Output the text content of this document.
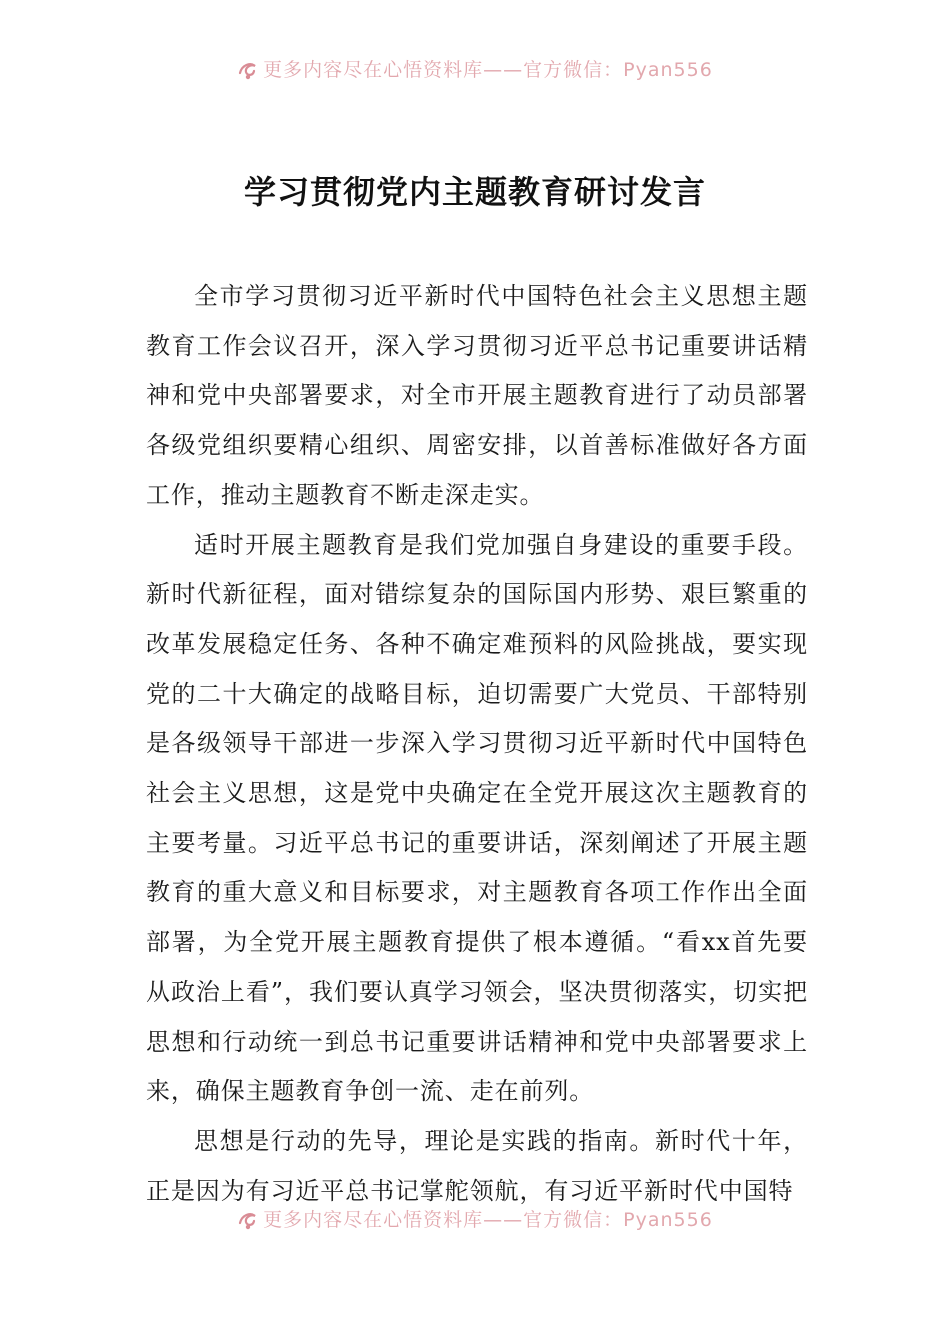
更多内容尽在心悟资料库——官方微信：Pyan556
学习贯彻党内主题教育研讨发言

全市学习贯彻习近平新时代中国特色社会主义思想主题教育工作会议召开，深入学习贯彻习近平总书记重要讲话精神和党中央部署要求，对全市开展主题教育进行了动员部署各级党组织要精心组织、周密安排，以首善标准做好各方面工作，推动主题教育不断走深走实。

适时开展主题教育是我们党加强自身建设的重要手段。新时代新征程，面对错综复杂的国际国内形势、艰巨繁重的改革发展稳定任务、各种不确定难预料的风险挑战，要实现党的二十大确定的战略目标，迫切需要广大党员、干部特别是各级领导干部进一步深入学习贯彻习近平新时代中国特色社会主义思想，这是党中央确定在全党开展这次主题教育的主要考量。习近平总书记的重要讲话，深刻阐述了开展主题教育的重大意义和目标要求，对主题教育各项工作作出全面部署，为全党开展主题教育提供了根本遵循。“看xx首先要从政治上看”，我们要认真学习领会，坚决贯彻落实，切实把思想和行动统一到总书记重要讲话精神和党中央部署要求上来，确保主题教育争创一流、走在前列。

思想是行动的先导，理论是实践的指南。新时代十年，正是因为有习近平总书记掌舵领航，有习近平新时代中国特

更多内容尽在心悟资料库——官方微信：Pyan556
